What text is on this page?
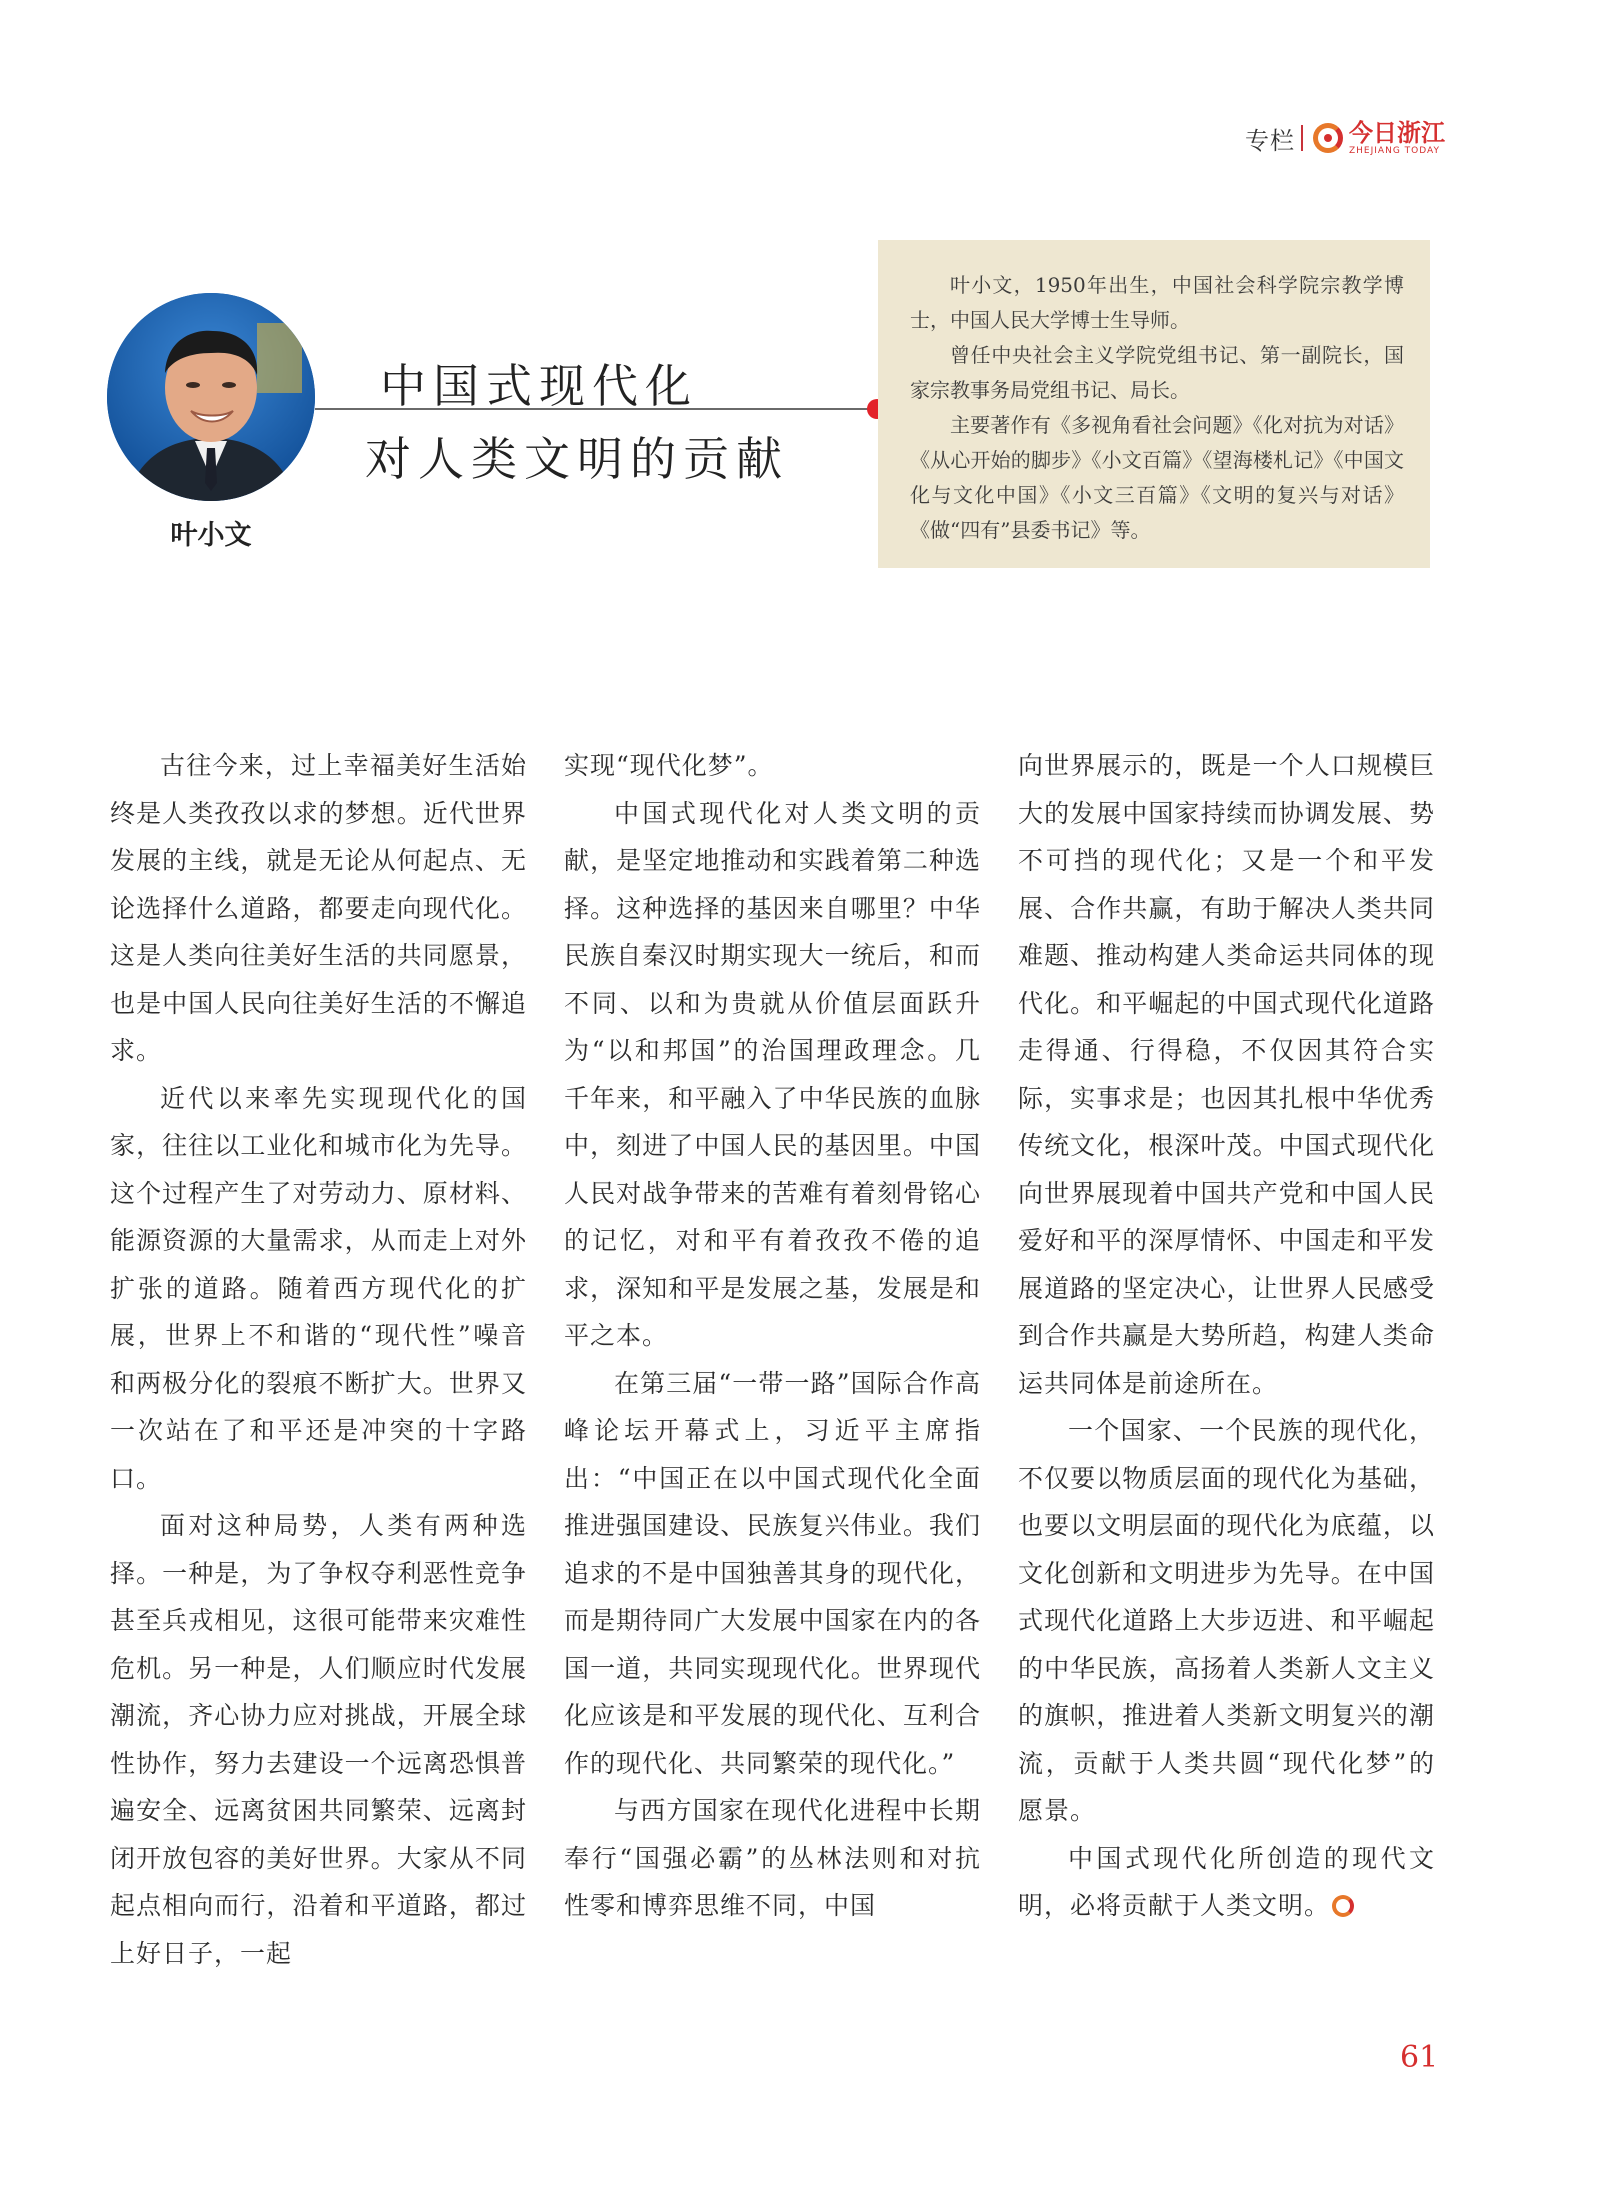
专栏 今日浙江
ZHEJIANG TODAY
叶小文
中国式现代化
对人类文明的贡献

叶小文，1950年出生，中国社会科学院宗教学博士，中国人民大学博士生导师。

曾任中央社会主义学院党组书记、第一副院长，国家宗教事务局党组书记、局长。

主要著作有《多视角看社会问题》《化对抗为对话》《从心开始的脚步》《小文百篇》《望海楼札记》《中国文化与文化中国》《小文三百篇》《文明的复兴与对话》《做“四有”县委书记》等。

古往今来，过上幸福美好生活始终是人类孜孜以求的梦想。近代世界发展的主线，就是无论从何起点、无论选择什么道路，都要走向现代化。这是人类向往美好生活的共同愿景，也是中国人民向往美好生活的不懈追求。

近代以来率先实现现代化的国家，往往以工业化和城市化为先导。这个过程产生了对劳动力、原材料、能源资源的大量需求，从而走上对外扩张的道路。随着西方现代化的扩展，世界上不和谐的“现代性”噪音和两极分化的裂痕不断扩大。世界又一次站在了和平还是冲突的十字路口。

面对这种局势，人类有两种选择。一种是，为了争权夺利恶性竞争甚至兵戎相见，这很可能带来灾难性危机。另一种是，人们顺应时代发展潮流，齐心协力应对挑战，开展全球性协作，努力去建设一个远离恐惧普遍安全、远离贫困共同繁荣、远离封闭开放包容的美好世界。大家从不同起点相向而行，沿着和平道路，都过上好日子，一起

实现“现代化梦”。

中国式现代化对人类文明的贡献，是坚定地推动和实践着第二种选择。这种选择的基因来自哪里？中华民族自秦汉时期实现大一统后，和而不同、以和为贵就从价值层面跃升为“以和邦国”的治国理政理念。几千年来，和平融入了中华民族的血脉中，刻进了中国人民的基因里。中国人民对战争带来的苦难有着刻骨铭心的记忆，对和平有着孜孜不倦的追求，深知和平是发展之基，发展是和平之本。

在第三届“一带一路”国际合作高峰论坛开幕式上，习近平主席指出：“中国正在以中国式现代化全面推进强国建设、民族复兴伟业。我们追求的不是中国独善其身的现代化，而是期待同广大发展中国家在内的各国一道，共同实现现代化。世界现代化应该是和平发展的现代化、互利合作的现代化、共同繁荣的现代化。”

与西方国家在现代化进程中长期奉行“国强必霸”的丛林法则和对抗性零和博弈思维不同，中国

向世界展示的，既是一个人口规模巨大的发展中国家持续而协调发展、势不可挡的现代化；又是一个和平发展、合作共赢，有助于解决人类共同难题、推动构建人类命运共同体的现代化。和平崛起的中国式现代化道路走得通、行得稳，不仅因其符合实际，实事求是；也因其扎根中华优秀传统文化，根深叶茂。中国式现代化向世界展现着中国共产党和中国人民爱好和平的深厚情怀、中国走和平发展道路的坚定决心，让世界人民感受到合作共赢是大势所趋，构建人类命运共同体是前途所在。

一个国家、一个民族的现代化，不仅要以物质层面的现代化为基础，也要以文明层面的现代化为底蕴，以文化创新和文明进步为先导。在中国式现代化道路上大步迈进、和平崛起的中华民族，高扬着人类新人文主义的旗帜，推进着人类新文明复兴的潮流，贡献于人类共圆“现代化梦”的愿景。

中国式现代化所创造的现代文明，必将贡献于人类文明。

61
